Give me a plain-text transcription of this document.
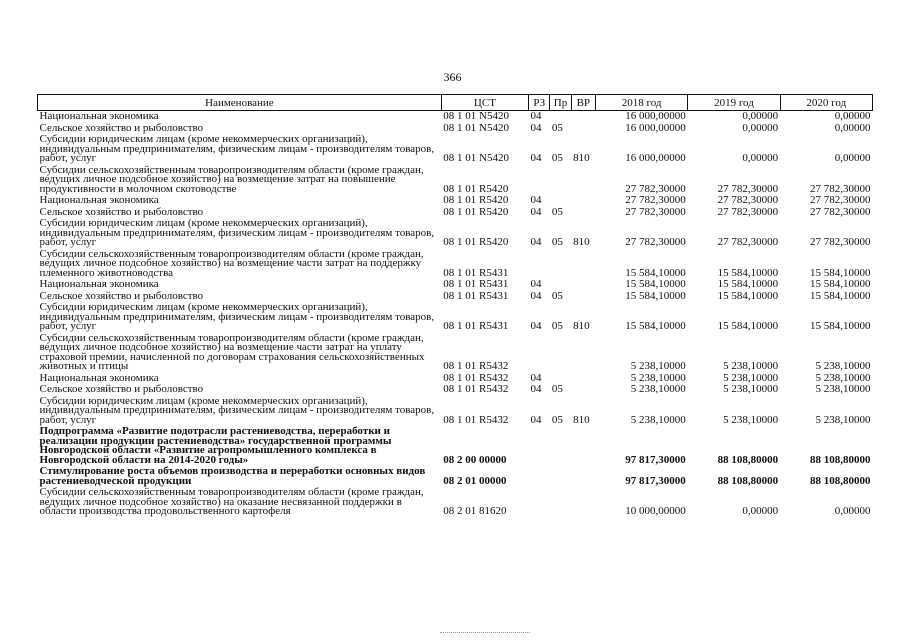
366
Наименование	ЦСТ	РЗ	Пр	ВР	2018 год	2019 год	2020 год
Национальная экономика	08 1 01 N5420	04			16 000,00000	0,00000	0,00000
Сельское хозяйство и рыболовство	08 1 01 N5420	04	05		16 000,00000	0,00000	0,00000
Субсидии юридическим лицам (кроме некоммерческих организаций), индивидуальным предпринимателям, физическим лицам - производителям товаров, работ, услуг	08 1 01 N5420	04	05	810	16 000,00000	0,00000	0,00000
Субсидии сельскохозяйственным товаропроизводителям области (кроме граждан, ведущих личное подсобное хозяйство) на возмещение затрат на повышение продуктивности в молочном скотоводстве	08 1 01 R5420				27 782,30000	27 782,30000	27 782,30000
Национальная экономика	08 1 01 R5420	04			27 782,30000	27 782,30000	27 782,30000
Сельское хозяйство и рыболовство	08 1 01 R5420	04	05		27 782,30000	27 782,30000	27 782,30000
Субсидии юридическим лицам (кроме некоммерческих организаций), индивидуальным предпринимателям, физическим лицам - производителям товаров, работ, услуг	08 1 01 R5420	04	05	810	27 782,30000	27 782,30000	27 782,30000
Субсидии сельскохозяйственным товаропроизводителям области (кроме граждан, ведущих личное подсобное хозяйство) на возмещение части затрат на поддержку племенного животноводства	08 1 01 R5431				15 584,10000	15 584,10000	15 584,10000
Национальная экономика	08 1 01 R5431	04			15 584,10000	15 584,10000	15 584,10000
Сельское хозяйство и рыболовство	08 1 01 R5431	04	05		15 584,10000	15 584,10000	15 584,10000
Субсидии юридическим лицам (кроме некоммерческих организаций), индивидуальным предпринимателям, физическим лицам - производителям товаров, работ, услуг	08 1 01 R5431	04	05	810	15 584,10000	15 584,10000	15 584,10000
Субсидии сельскохозяйственным товаропроизводителям области (кроме граждан, ведущих личное подсобное хозяйство) на возмещение части затрат на уплату страховой премии, начисленной по договорам страхования сельскохозяйственных животных и птицы	08 1 01 R5432				5 238,10000	5 238,10000	5 238,10000
Национальная экономика	08 1 01 R5432	04			5 238,10000	5 238,10000	5 238,10000
Сельское хозяйство и рыболовство	08 1 01 R5432	04	05		5 238,10000	5 238,10000	5 238,10000
Субсидии юридическим лицам (кроме некоммерческих организаций), индивидуальным предпринимателям, физическим лицам - производителям товаров, работ, услуг	08 1 01 R5432	04	05	810	5 238,10000	5 238,10000	5 238,10000
Подпрограмма «Развитие подотрасли растениеводства, переработки и реализации продукции растениеводства» государственной программы Новгородской области «Развитие агропромышленного комплекса в Новгородской области на 2014-2020 годы»	08 2 00 00000				97 817,30000	88 108,80000	88 108,80000
Стимулирование роста объемов производства и переработки основных видов растениеводческой продукции	08 2 01 00000				97 817,30000	88 108,80000	88 108,80000
Субсидии сельскохозяйственным товаропроизводителям области (кроме граждан, ведущих личное подсобное хозяйство) на оказание несвязанной поддержки в области производства продовольственного картофеля	08 2 01 81620				10 000,00000	0,00000	0,00000
